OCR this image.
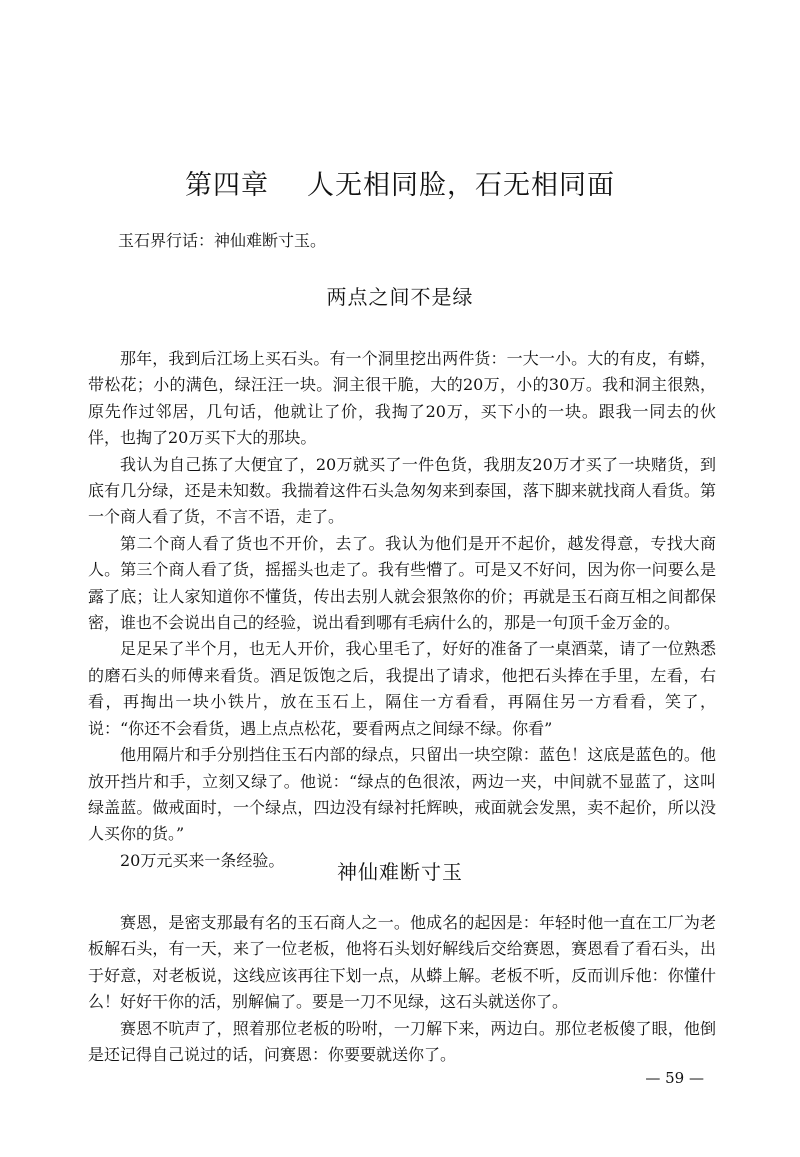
第四章 人无相同脸，石无相同面
玉石界行话：神仙难断寸玉。
两点之间不是绿

那年，我到后江场上买石头。有一个洞里挖出两件货：一大一小。大的有皮，有蟒，带松花；小的满色，绿汪汪一块。洞主很干脆，大的20万，小的30万。我和洞主很熟，原先作过邻居，几句话，他就让了价，我掏了20万，买下小的一块。跟我一同去的伙伴，也掏了20万买下大的那块。

我认为自己拣了大便宜了，20万就买了一件色货，我朋友20万才买了一块赌货，到底有几分绿，还是未知数。我揣着这件石头急匆匆来到泰国，落下脚来就找商人看货。第一个商人看了货，不言不语，走了。

第二个商人看了货也不开价，去了。我认为他们是开不起价，越发得意，专找大商人。第三个商人看了货，摇摇头也走了。我有些懵了。可是又不好问，因为你一问要么是露了底；让人家知道你不懂货，传出去别人就会狠煞你的价；再就是玉石商互相之间都保密，谁也不会说出自己的经验，说出看到哪有毛病什么的，那是一句顶千金万金的。

足足呆了半个月，也无人开价，我心里毛了，好好的准备了一桌酒菜，请了一位熟悉的磨石头的师傅来看货。酒足饭饱之后，我提出了请求，他把石头捧在手里，左看，右看，再掏出一块小铁片，放在玉石上，隔住一方看看，再隔住另一方看看，笑了，说：“你还不会看货，遇上点点松花，要看两点之间绿不绿。你看”

他用隔片和手分别挡住玉石内部的绿点，只留出一块空隙：蓝色！这底是蓝色的。他放开挡片和手，立刻又绿了。他说：“绿点的色很浓，两边一夹，中间就不显蓝了，这叫绿盖蓝。做戒面时，一个绿点，四边没有绿衬托辉映，戒面就会发黑，卖不起价，所以没人买你的货。”

20万元买来一条经验。	神仙难断寸玉

赛恩，是密支那最有名的玉石商人之一。他成名的起因是：年轻时他一直在工厂为老板解石头，有一天，来了一位老板，他将石头划好解线后交给赛恩，赛恩看了看石头，出于好意，对老板说，这线应该再往下划一点，从蟒上解。老板不听，反而训斥他：你懂什么！好好干你的活，别解偏了。要是一刀不见绿，这石头就送你了。

赛恩不吭声了，照着那位老板的吩咐，一刀解下来，两边白。那位老板傻了眼，他倒是还记得自己说过的话，问赛恩：你要要就送你了。

— 59 —
